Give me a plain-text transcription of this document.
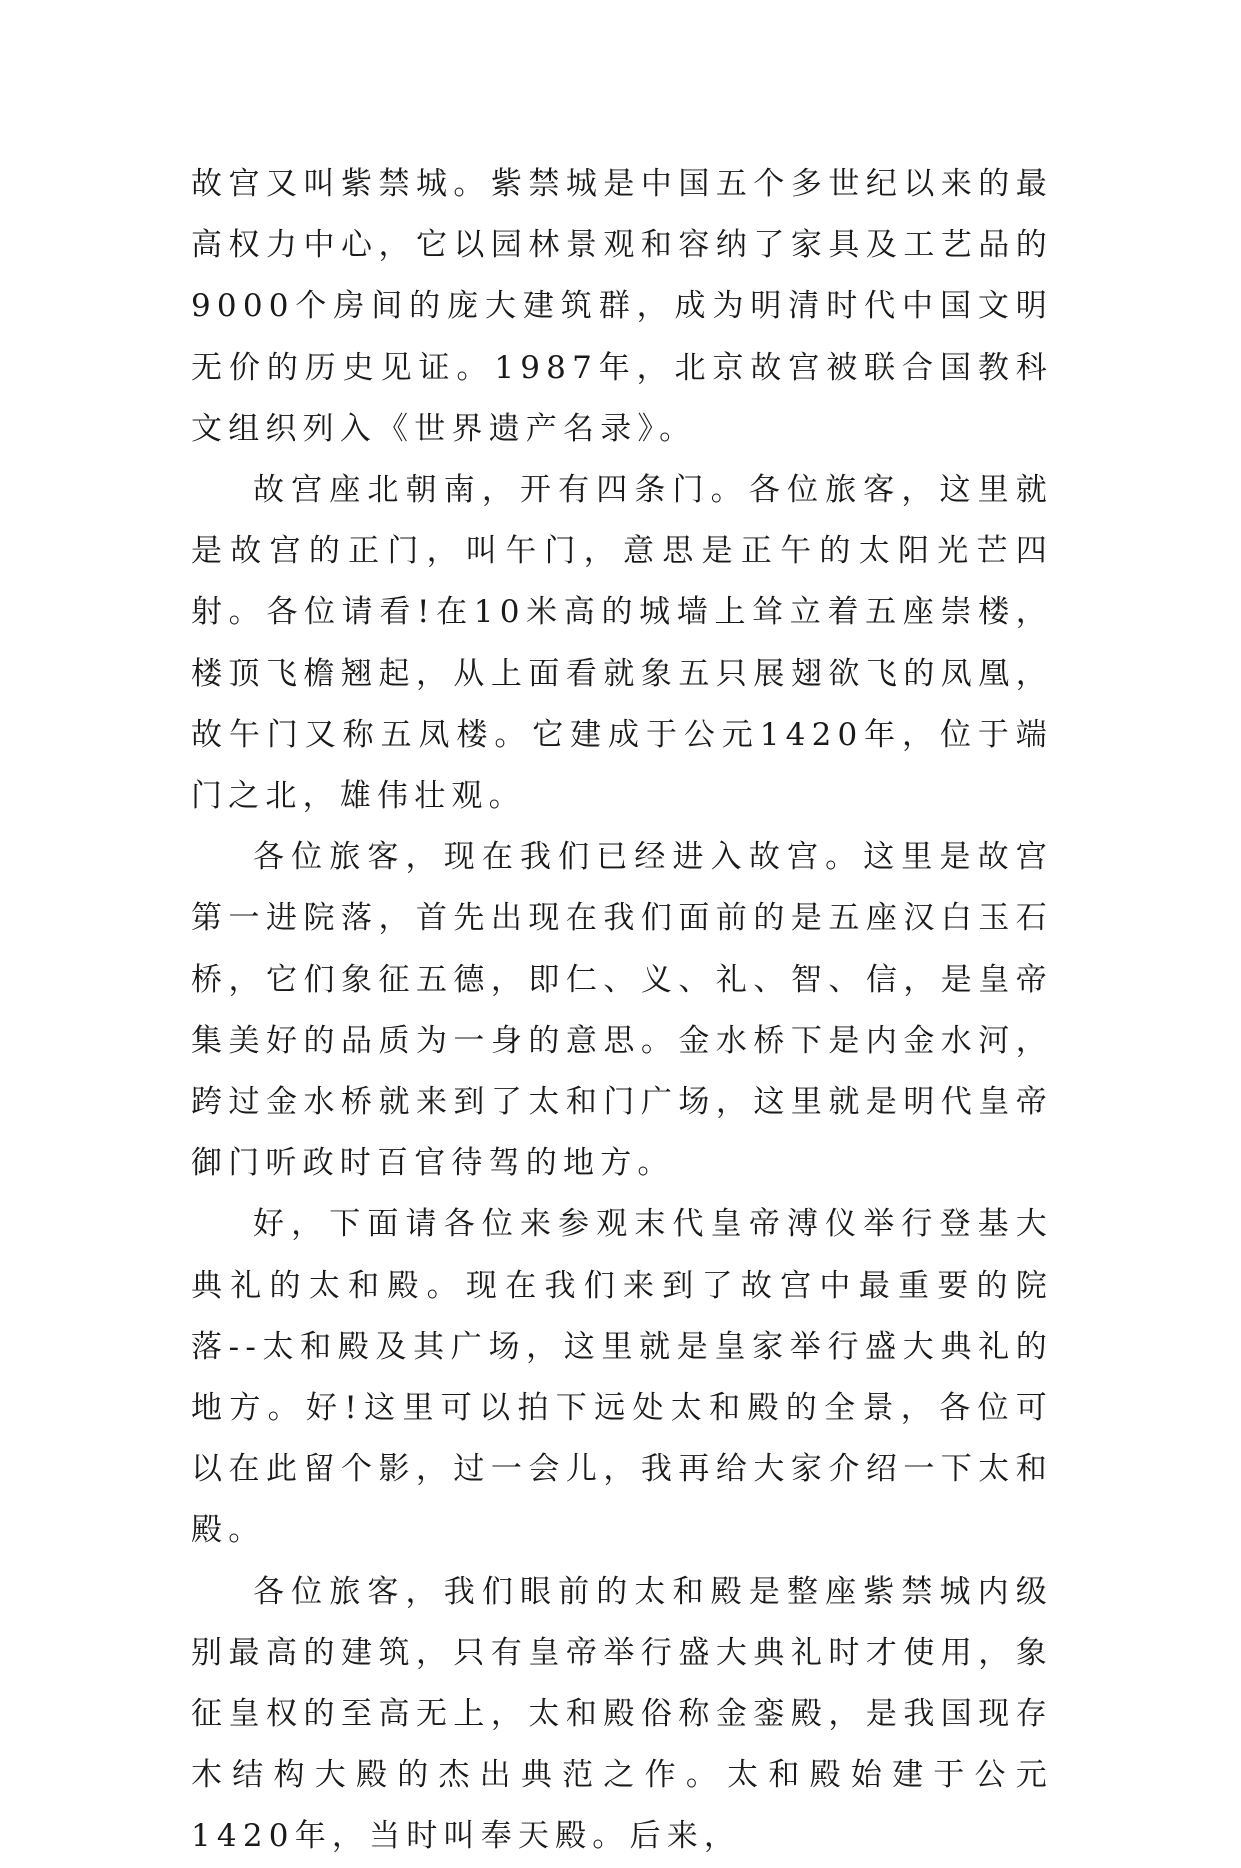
故宫又叫紫禁城。紫禁城是中国五个多世纪以来的最高权力中心，它以园林景观和容纳了家具及工艺品的9000个房间的庞大建筑群，成为明清时代中国文明无价的历史见证。1987年，北京故宫被联合国教科文组织列入《世界遗产名录》。

故宫座北朝南，开有四条门。各位旅客，这里就是故宫的正门，叫午门，意思是正午的太阳光芒四射。各位请看!在10米高的城墙上耸立着五座崇楼，楼顶飞檐翘起，从上面看就象五只展翅欲飞的凤凰，故午门又称五凤楼。它建成于公元1420年，位于端门之北，雄伟壮观。

各位旅客，现在我们已经进入故宫。这里是故宫第一进院落，首先出现在我们面前的是五座汉白玉石桥，它们象征五德，即仁、义、礼、智、信，是皇帝集美好的品质为一身的意思。金水桥下是内金水河，跨过金水桥就来到了太和门广场，这里就是明代皇帝御门听政时百官待驾的地方。

好，下面请各位来参观末代皇帝溥仪举行登基大典礼的太和殿。现在我们来到了故宫中最重要的院落--太和殿及其广场，这里就是皇家举行盛大典礼的地方。好!这里可以拍下远处太和殿的全景，各位可以在此留个影，过一会儿，我再给大家介绍一下太和殿。

各位旅客，我们眼前的太和殿是整座紫禁城内级别最高的建筑，只有皇帝举行盛大典礼时才使用，象征皇权的至高无上，太和殿俗称金銮殿，是我国现存木结构大殿的杰出典范之作。太和殿始建于公元1420年，当时叫奉天殿。后来，
